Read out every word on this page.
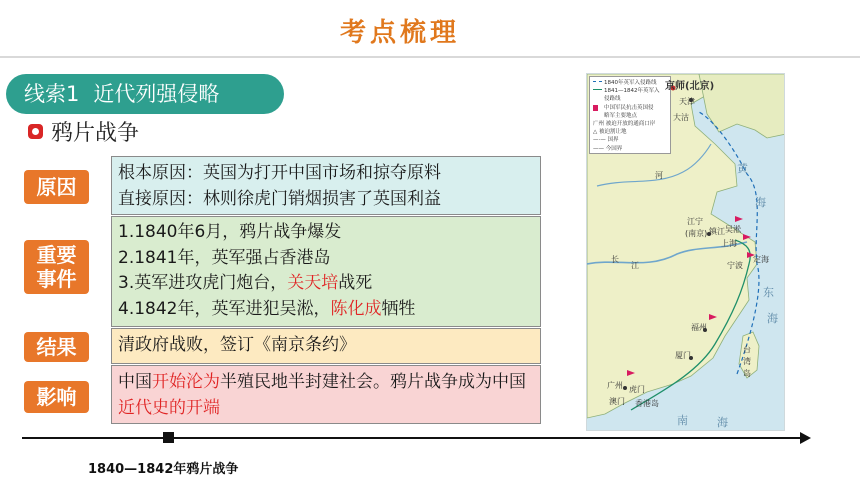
考点梳理
线索1 近代列强侵略
鸦片战争
原因
根本原因：英国为打开中国市场和掠夺原料
直接原因：林则徐虎门销烟损害了英国利益
重要
事件
1.1840年6月，鸦片战争爆发
2.1841年，英军强占香港岛
3.英军进攻虎门炮台，关天培战死
4.1842年，英军进犯吴淞，陈化成牺牲
结果	清政府战败，签订《南京条约》
影响
中国开始沦为半殖民地半封建社会。鸦片战争成为中国近代史的开端
1840—1842年鸦片战争
1840年英军入侵路线
1841—1842年英军入
侵路线
中国军民抗击英国侵
略军主要地点
广州 被迫开放的通商口岸
△ 被迫割让地
—·— 国界
—— 今国界
京师(北京)
天津
大沽
河
江宁
(南京) 镇江 吴淞
上海
宁波
定海
福州
厦门
广州 虎门
澳门 香港岛
台
湾
岛
长
江
黄
海
东
海
南	海
